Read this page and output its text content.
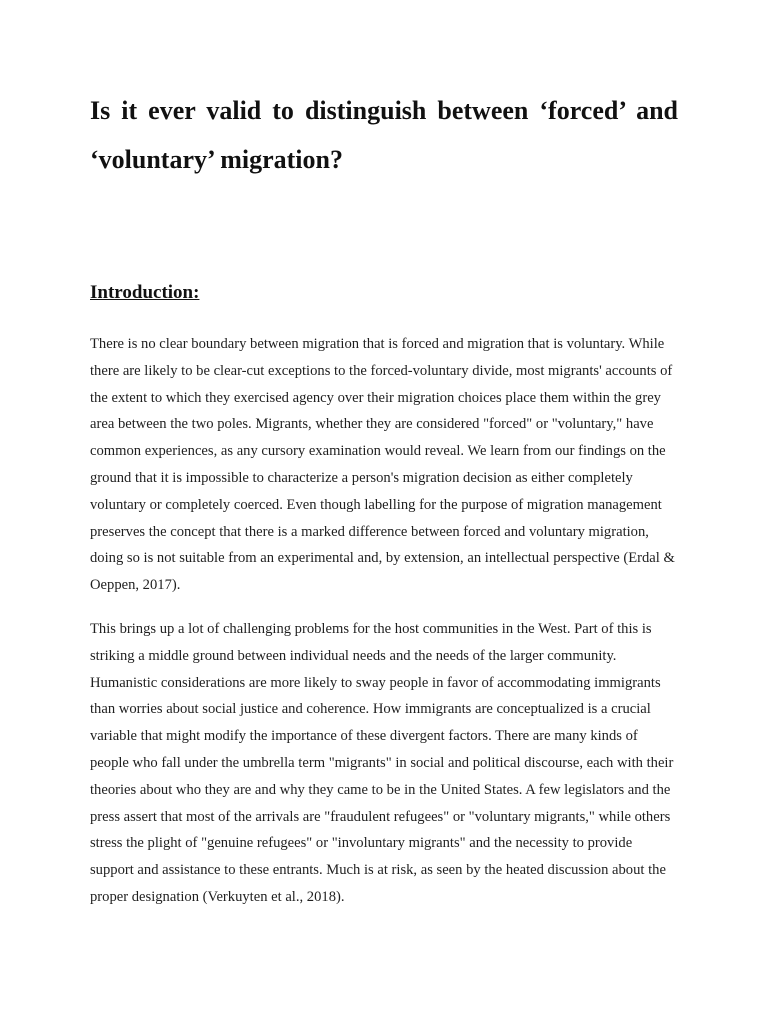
Is it ever valid to distinguish between ‘forced’ and ‘voluntary’ migration?
Introduction:

There is no clear boundary between migration that is forced and migration that is voluntary. While there are likely to be clear-cut exceptions to the forced-voluntary divide, most migrants' accounts of the extent to which they exercised agency over their migration choices place them within the grey area between the two poles. Migrants, whether they are considered "forced" or "voluntary," have common experiences, as any cursory examination would reveal. We learn from our findings on the ground that it is impossible to characterize a person's migration decision as either completely voluntary or completely coerced. Even though labelling for the purpose of migration management preserves the concept that there is a marked difference between forced and voluntary migration, doing so is not suitable from an experimental and, by extension, an intellectual perspective (Erdal & Oeppen, 2017).

This brings up a lot of challenging problems for the host communities in the West. Part of this is striking a middle ground between individual needs and the needs of the larger community. Humanistic considerations are more likely to sway people in favor of accommodating immigrants than worries about social justice and coherence. How immigrants are conceptualized is a crucial variable that might modify the importance of these divergent factors. There are many kinds of people who fall under the umbrella term "migrants" in social and political discourse, each with their theories about who they are and why they came to be in the United States. A few legislators and the press assert that most of the arrivals are "fraudulent refugees" or "voluntary migrants," while others stress the plight of "genuine refugees" or "involuntary migrants" and the necessity to provide support and assistance to these entrants. Much is at risk, as seen by the heated discussion about the proper designation (Verkuyten et al., 2018).
